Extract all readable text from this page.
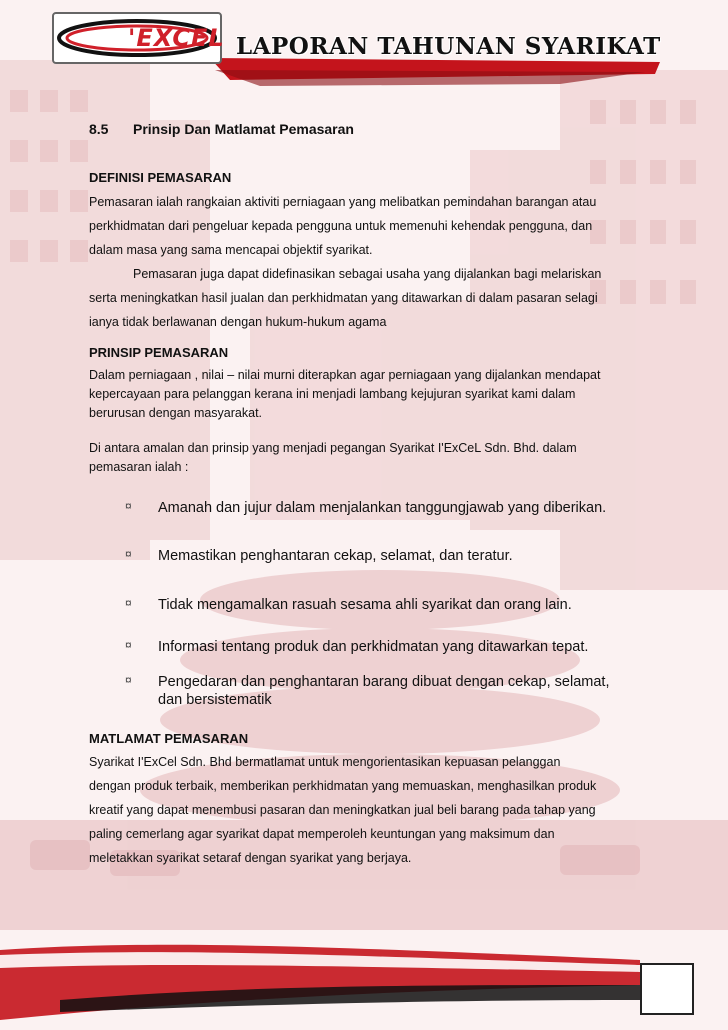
'EXCEL LAPORAN TAHUNAN SYARIKAT
8.5 Prinsip Dan Matlamat Pemasaran
DEFINISI PEMASARAN
Pemasaran ialah rangkaian aktiviti perniagaan yang melibatkan pemindahan barangan atau
perkhidmatan dari pengeluar kepada pengguna untuk memenuhi kehendak pengguna, dan
dalam masa yang sama mencapai objektif syarikat.
Pemasaran juga dapat didefinasikan sebagai usaha yang dijalankan bagi melariskan
serta meningkatkan hasil jualan dan perkhidmatan yang ditawarkan di dalam pasaran selagi
ianya tidak berlawanan dengan hukum-hukum agama
PRINSIP PEMASARAN
Dalam perniagaan , nilai – nilai murni diterapkan agar perniagaan yang dijalankan mendapat
kepercayaan para pelanggan kerana ini menjadi lambang kejujuran syarikat kami dalam
berurusan dengan masyarakat.
Di antara amalan dan prinsip yang menjadi pegangan Syarikat I'ExCeL Sdn. Bhd. dalam
pemasaran ialah :
¤ Amanah dan jujur dalam menjalankan tanggungjawab yang diberikan.
¤ Memastikan penghantaran cekap, selamat, dan teratur.
¤ Tidak mengamalkan rasuah sesama ahli syarikat dan orang lain.
¤ Informasi tentang produk dan perkhidmatan yang ditawarkan tepat.
¤ Pengedaran dan penghantaran barang dibuat dengan cekap, selamat, dan bersistematik
MATLAMAT PEMASARAN
Syarikat I'ExCel Sdn. Bhd bermatlamat untuk mengorientasikan kepuasan pelanggan
dengan produk terbaik, memberikan perkhidmatan yang memuaskan, menghasilkan produk
kreatif yang dapat menembusi pasaran dan meningkatkan jual beli barang pada tahap yang
paling cemerlang agar syarikat dapat memperoleh keuntungan yang maksimum dan
meletakkan syarikat setaraf dengan syarikat yang berjaya.
